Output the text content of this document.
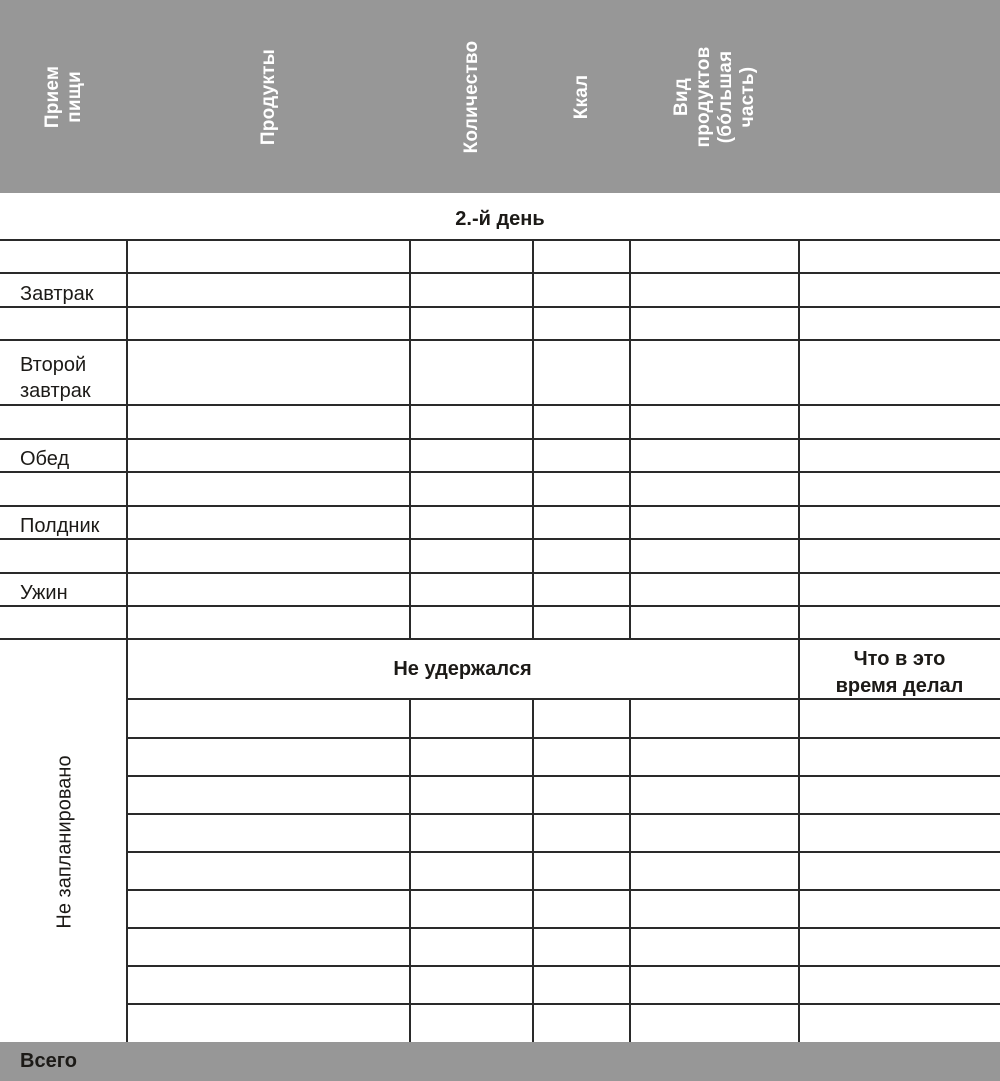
Прием
пищи	Продукты	Количество	Ккал	Вид
продуктов
(бóльшая
часть)
2.-й день
Завтрак
Второй
завтрак
Обед
Полдник
Ужин
Не запланировано
Не удержался	Что в это
время делал
Всего
